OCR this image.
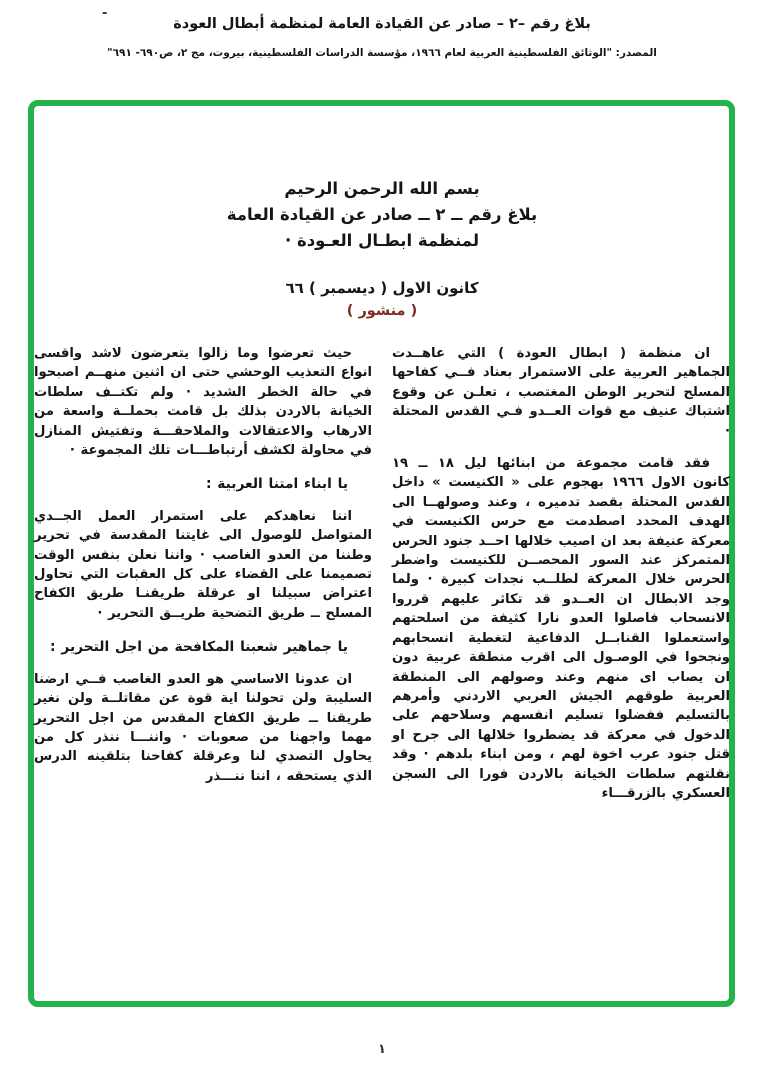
-
بلاغ رقم –٢ – صادر عن القيادة العامة لمنظمة أبطال العودة
المصدر: "الوثائق الفلسطينية العربية لعام ١٩٦٦، مؤسسة الدراسات الفلسطينية، بيروت، مج ٢، ص٦٩٠- ٦٩١"
بسم الله الرحمن الرحيم
بلاغ رقم ــ ٢ ــ صادر عن القيادة العامة
لمنظمة ابطـال العـودة ·
كانون الاول ( ديسمبر ) ٦٦
( منشور )

ان منظمة ( ابطال العودة ) التي عاهــدت الجماهير العربية على الاستمرار بعناد فــي كفاحها المسلح لتحرير الوطن المغتصب ، تعلـن عن وقوع اشتباك عنيف مع قوات العــدو فـي القدس المحتلة ·

فقد قامت مجموعة من ابنائها ليل ١٨ ــ ١٩ كانون الاول ١٩٦٦ بهجوم على « الكنيست » داخل القدس المحتلة بقصد تدميره ، وعند وصولهــا الى الهدف المحدد اصطدمت مع حرس الكنيست في معركة عنيفة بعد ان اصيب خلالها احــد جنود الحرس المتمركز عند السور المحصــن للكنيست واضطر الحرس خلال المعركة لطلــب نجدات كبيرة · ولما وجد الابطال ان العــدو قد تكاثر عليهم قرروا الانسحاب فاصلوا العدو نارا كثيفة من اسلحتهم واستعملوا القنابــل الدفاعية لتغطية انسحابهم ونجحوا في الوصـول الى اقرب منطقة عربية دون ان يصاب اى منهم وعند وصولهم الى المنطقة العربية طوقهم الجيش العربي الاردني وأمرهم بالتسليم ففضلوا تسليم انفسهم وسلاحهم على الدخول في معركة قد يضطروا خلالها الى جرح او قتل جنود عرب اخوة لهم ، ومن ابناء بلدهم · وقد نقلتهم سلطات الخيانة بالاردن فورا الى السجن العسكري بالزرقـــاء

حيث تعرضوا وما زالوا يتعرضون لاشد واقسى انواع التعذيب الوحشي حتى ان اثنين منهــم اصبحوا في حالة الخطر الشديد · ولم تكتــف سلطات الخيانة بالاردن بذلك بل قامت بحملــة واسعة من الارهاب والاعتقالات والملاحقـــة وتفتيش المنازل في محاولة لكشف أرتباطـــات تلك المجموعة ·

يا ابناء امتنا العربية :

اننا نعاهدكم على استمرار العمل الجــدي المتواصل للوصول الى غايتنا المقدسة في تحرير وطننا من العدو الغاصب · واننا نعلن بنفس الوقت تصميمنا على القضاء على كل العقبات التي تحاول اعتراض سبيلنا او عرقلة طريقنـا طريق الكفاح المسلح ــ طريق التضحية طريــق التحرير ·

يا جماهير شعبنا المكافحة من اجل التحرير :

ان عدونا الاساسي هو العدو الغاصب فــي ارضنا السليبة ولن تحولنا اية قوة عن مقاتلــة ولن نغير طريقنا ــ طريق الكفاح المقدس من اجل التحرير مهما واجهنا من صعوبات · واننـــا ننذر كل من يحاول التصدي لنا وعرقلة كفاحنا بتلقينه الدرس الذي يستحقه ، اننا ننـــذر

١
